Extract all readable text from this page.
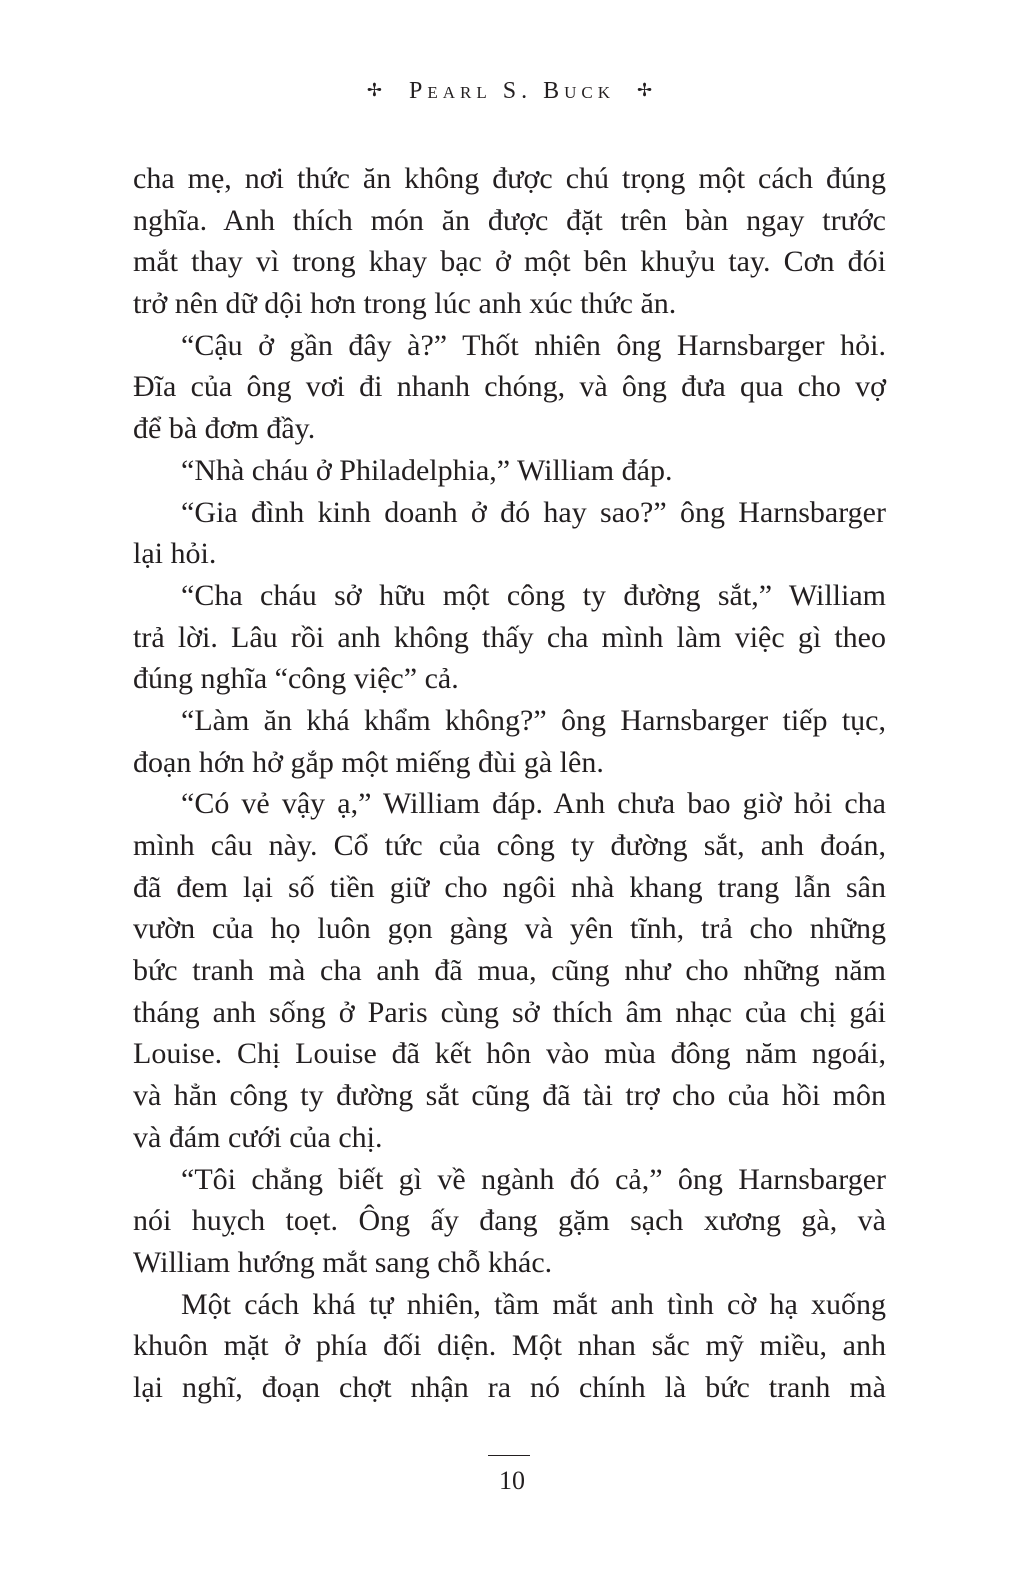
✢ Pearl S. Buck ✢
cha mẹ, nơi thức ăn không được chú trọng một cách đúng
nghĩa. Anh thích món ăn được đặt trên bàn ngay trước
mắt thay vì trong khay bạc ở một bên khuỷu tay. Cơn đói
trở nên dữ dội hơn trong lúc anh xúc thức ăn.
“Cậu ở gần đây à?” Thốt nhiên ông Harnsbarger hỏi.
Đĩa của ông vơi đi nhanh chóng, và ông đưa qua cho vợ
để bà đơm đầy.
“Nhà cháu ở Philadelphia,” William đáp.
“Gia đình kinh doanh ở đó hay sao?” ông Harnsbarger
lại hỏi.
“Cha cháu sở hữu một công ty đường sắt,” William
trả lời. Lâu rồi anh không thấy cha mình làm việc gì theo
đúng nghĩa “công việc” cả.
“Làm ăn khá khẩm không?” ông Harnsbarger tiếp tục,
đoạn hớn hở gắp một miếng đùi gà lên.
“Có vẻ vậy ạ,” William đáp. Anh chưa bao giờ hỏi cha
mình câu này. Cổ tức của công ty đường sắt, anh đoán,
đã đem lại số tiền giữ cho ngôi nhà khang trang lẫn sân
vườn của họ luôn gọn gàng và yên tĩnh, trả cho những
bức tranh mà cha anh đã mua, cũng như cho những năm
tháng anh sống ở Paris cùng sở thích âm nhạc của chị gái
Louise. Chị Louise đã kết hôn vào mùa đông năm ngoái,
và hẳn công ty đường sắt cũng đã tài trợ cho của hồi môn
và đám cưới của chị.
“Tôi chẳng biết gì về ngành đó cả,” ông Harnsbarger
nói huỵch toẹt. Ông ấy đang gặm sạch xương gà, và
William hướng mắt sang chỗ khác.
Một cách khá tự nhiên, tầm mắt anh tình cờ hạ xuống
khuôn mặt ở phía đối diện. Một nhan sắc mỹ miều, anh
lại nghĩ, đoạn chợt nhận ra nó chính là bức tranh mà
10
